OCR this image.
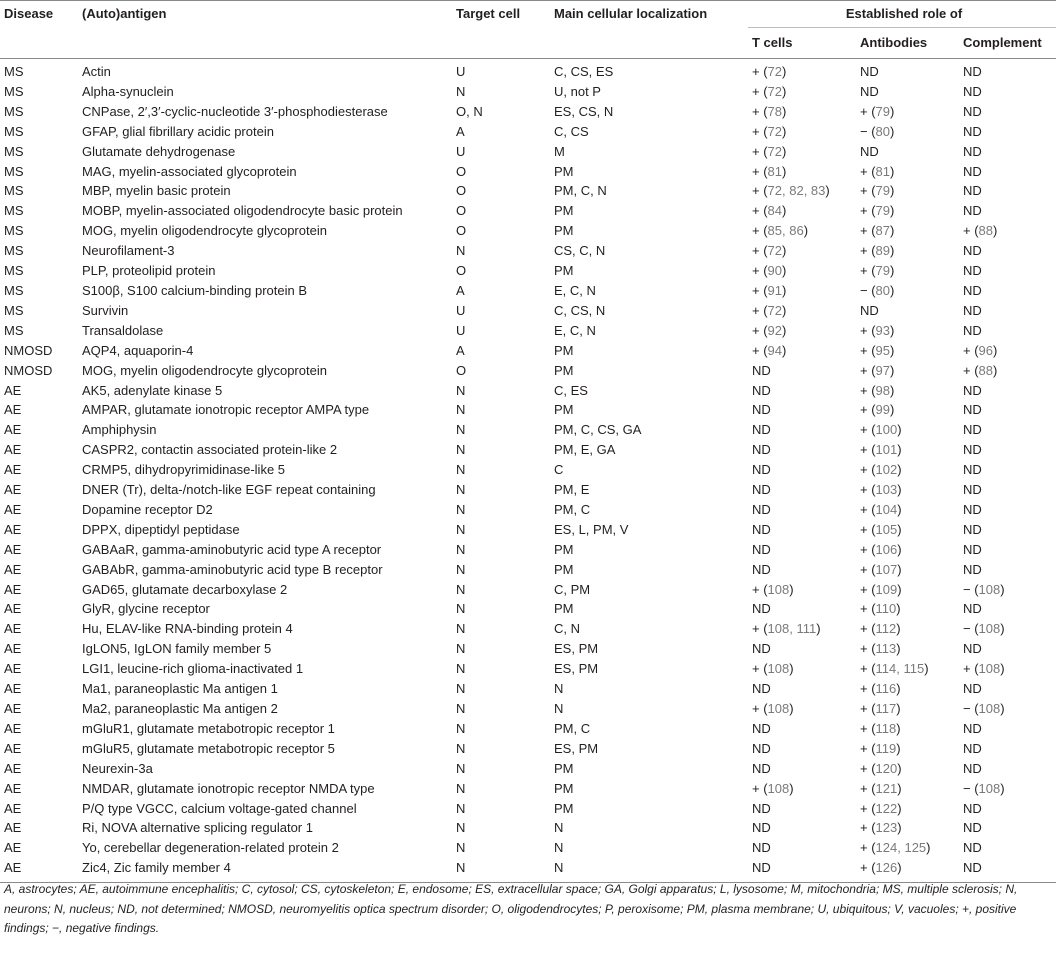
Disease	(Auto)antigen	Target cell	Main cellular localization	Established role of		
				T cells	Antibodies	Complement
MS	Actin	U	C, CS, ES	+ (72)	ND	ND
MS	Alpha-synuclein	N	U, not P	+ (72)	ND	ND
MS	CNPase, 2′,3′-cyclic-nucleotide 3′-phosphodiesterase	O, N	ES, CS, N	+ (78)	+ (79)	ND
MS	GFAP, glial fibrillary acidic protein	A	C, CS	+ (72)	− (80)	ND
MS	Glutamate dehydrogenase	U	M	+ (72)	ND	ND
MS	MAG, myelin-associated glycoprotein	O	PM	+ (81)	+ (81)	ND
MS	MBP, myelin basic protein	O	PM, C, N	+ (72, 82, 83)	+ (79)	ND
MS	MOBP, myelin-associated oligodendrocyte basic protein	O	PM	+ (84)	+ (79)	ND
MS	MOG, myelin oligodendrocyte glycoprotein	O	PM	+ (85, 86)	+ (87)	+ (88)
MS	Neurofilament-3	N	CS, C, N	+ (72)	+ (89)	ND
MS	PLP, proteolipid protein	O	PM	+ (90)	+ (79)	ND
MS	S100β, S100 calcium-binding protein B	A	E, C, N	+ (91)	− (80)	ND
MS	Survivin	U	C, CS, N	+ (72)	ND	ND
MS	Transaldolase	U	E, C, N	+ (92)	+ (93)	ND
NMOSD	AQP4, aquaporin-4	A	PM	+ (94)	+ (95)	+ (96)
NMOSD	MOG, myelin oligodendrocyte glycoprotein	O	PM	ND	+ (97)	+ (88)
AE	AK5, adenylate kinase 5	N	C, ES	ND	+ (98)	ND
AE	AMPAR, glutamate ionotropic receptor AMPA type	N	PM	ND	+ (99)	ND
AE	Amphiphysin	N	PM, C, CS, GA	ND	+ (100)	ND
AE	CASPR2, contactin associated protein-like 2	N	PM, E, GA	ND	+ (101)	ND
AE	CRMP5, dihydropyrimidinase-like 5	N	C	ND	+ (102)	ND
AE	DNER (Tr), delta-/notch-like EGF repeat containing	N	PM, E	ND	+ (103)	ND
AE	Dopamine receptor D2	N	PM, C	ND	+ (104)	ND
AE	DPPX, dipeptidyl peptidase	N	ES, L, PM, V	ND	+ (105)	ND
AE	GABAaR, gamma-aminobutyric acid type A receptor	N	PM	ND	+ (106)	ND
AE	GABAbR, gamma-aminobutyric acid type B receptor	N	PM	ND	+ (107)	ND
AE	GAD65, glutamate decarboxylase 2	N	C, PM	+ (108)	+ (109)	− (108)
AE	GlyR, glycine receptor	N	PM	ND	+ (110)	ND
AE	Hu, ELAV-like RNA-binding protein 4	N	C, N	+ (108, 111)	+ (112)	− (108)
AE	IgLON5, IgLON family member 5	N	ES, PM	ND	+ (113)	ND
AE	LGI1, leucine-rich glioma-inactivated 1	N	ES, PM	+ (108)	+ (114, 115)	+ (108)
AE	Ma1, paraneoplastic Ma antigen 1	N	N	ND	+ (116)	ND
AE	Ma2, paraneoplastic Ma antigen 2	N	N	+ (108)	+ (117)	− (108)
AE	mGluR1, glutamate metabotropic receptor 1	N	PM, C	ND	+ (118)	ND
AE	mGluR5, glutamate metabotropic receptor 5	N	ES, PM	ND	+ (119)	ND
AE	Neurexin-3a	N	PM	ND	+ (120)	ND
AE	NMDAR, glutamate ionotropic receptor NMDA type	N	PM	+ (108)	+ (121)	− (108)
AE	P/Q type VGCC, calcium voltage-gated channel	N	PM	ND	+ (122)	ND
AE	Ri, NOVA alternative splicing regulator 1	N	N	ND	+ (123)	ND
AE	Yo, cerebellar degeneration-related protein 2	N	N	ND	+ (124, 125)	ND
AE	Zic4, Zic family member 4	N	N	ND	+ (126)	ND
A, astrocytes; AE, autoimmune encephalitis; C, cytosol; CS, cytoskeleton; E, endosome; ES, extracellular space; GA, Golgi apparatus; L, lysosome; M, mitochondria; MS, multiple sclerosis; N, neurons; N, nucleus; ND, not determined; NMOSD, neuromyelitis optica spectrum disorder; O, oligodendrocytes; P, peroxisome; PM, plasma membrane; U, ubiquitous; V, vacuoles; +, positive findings; −, negative findings.
